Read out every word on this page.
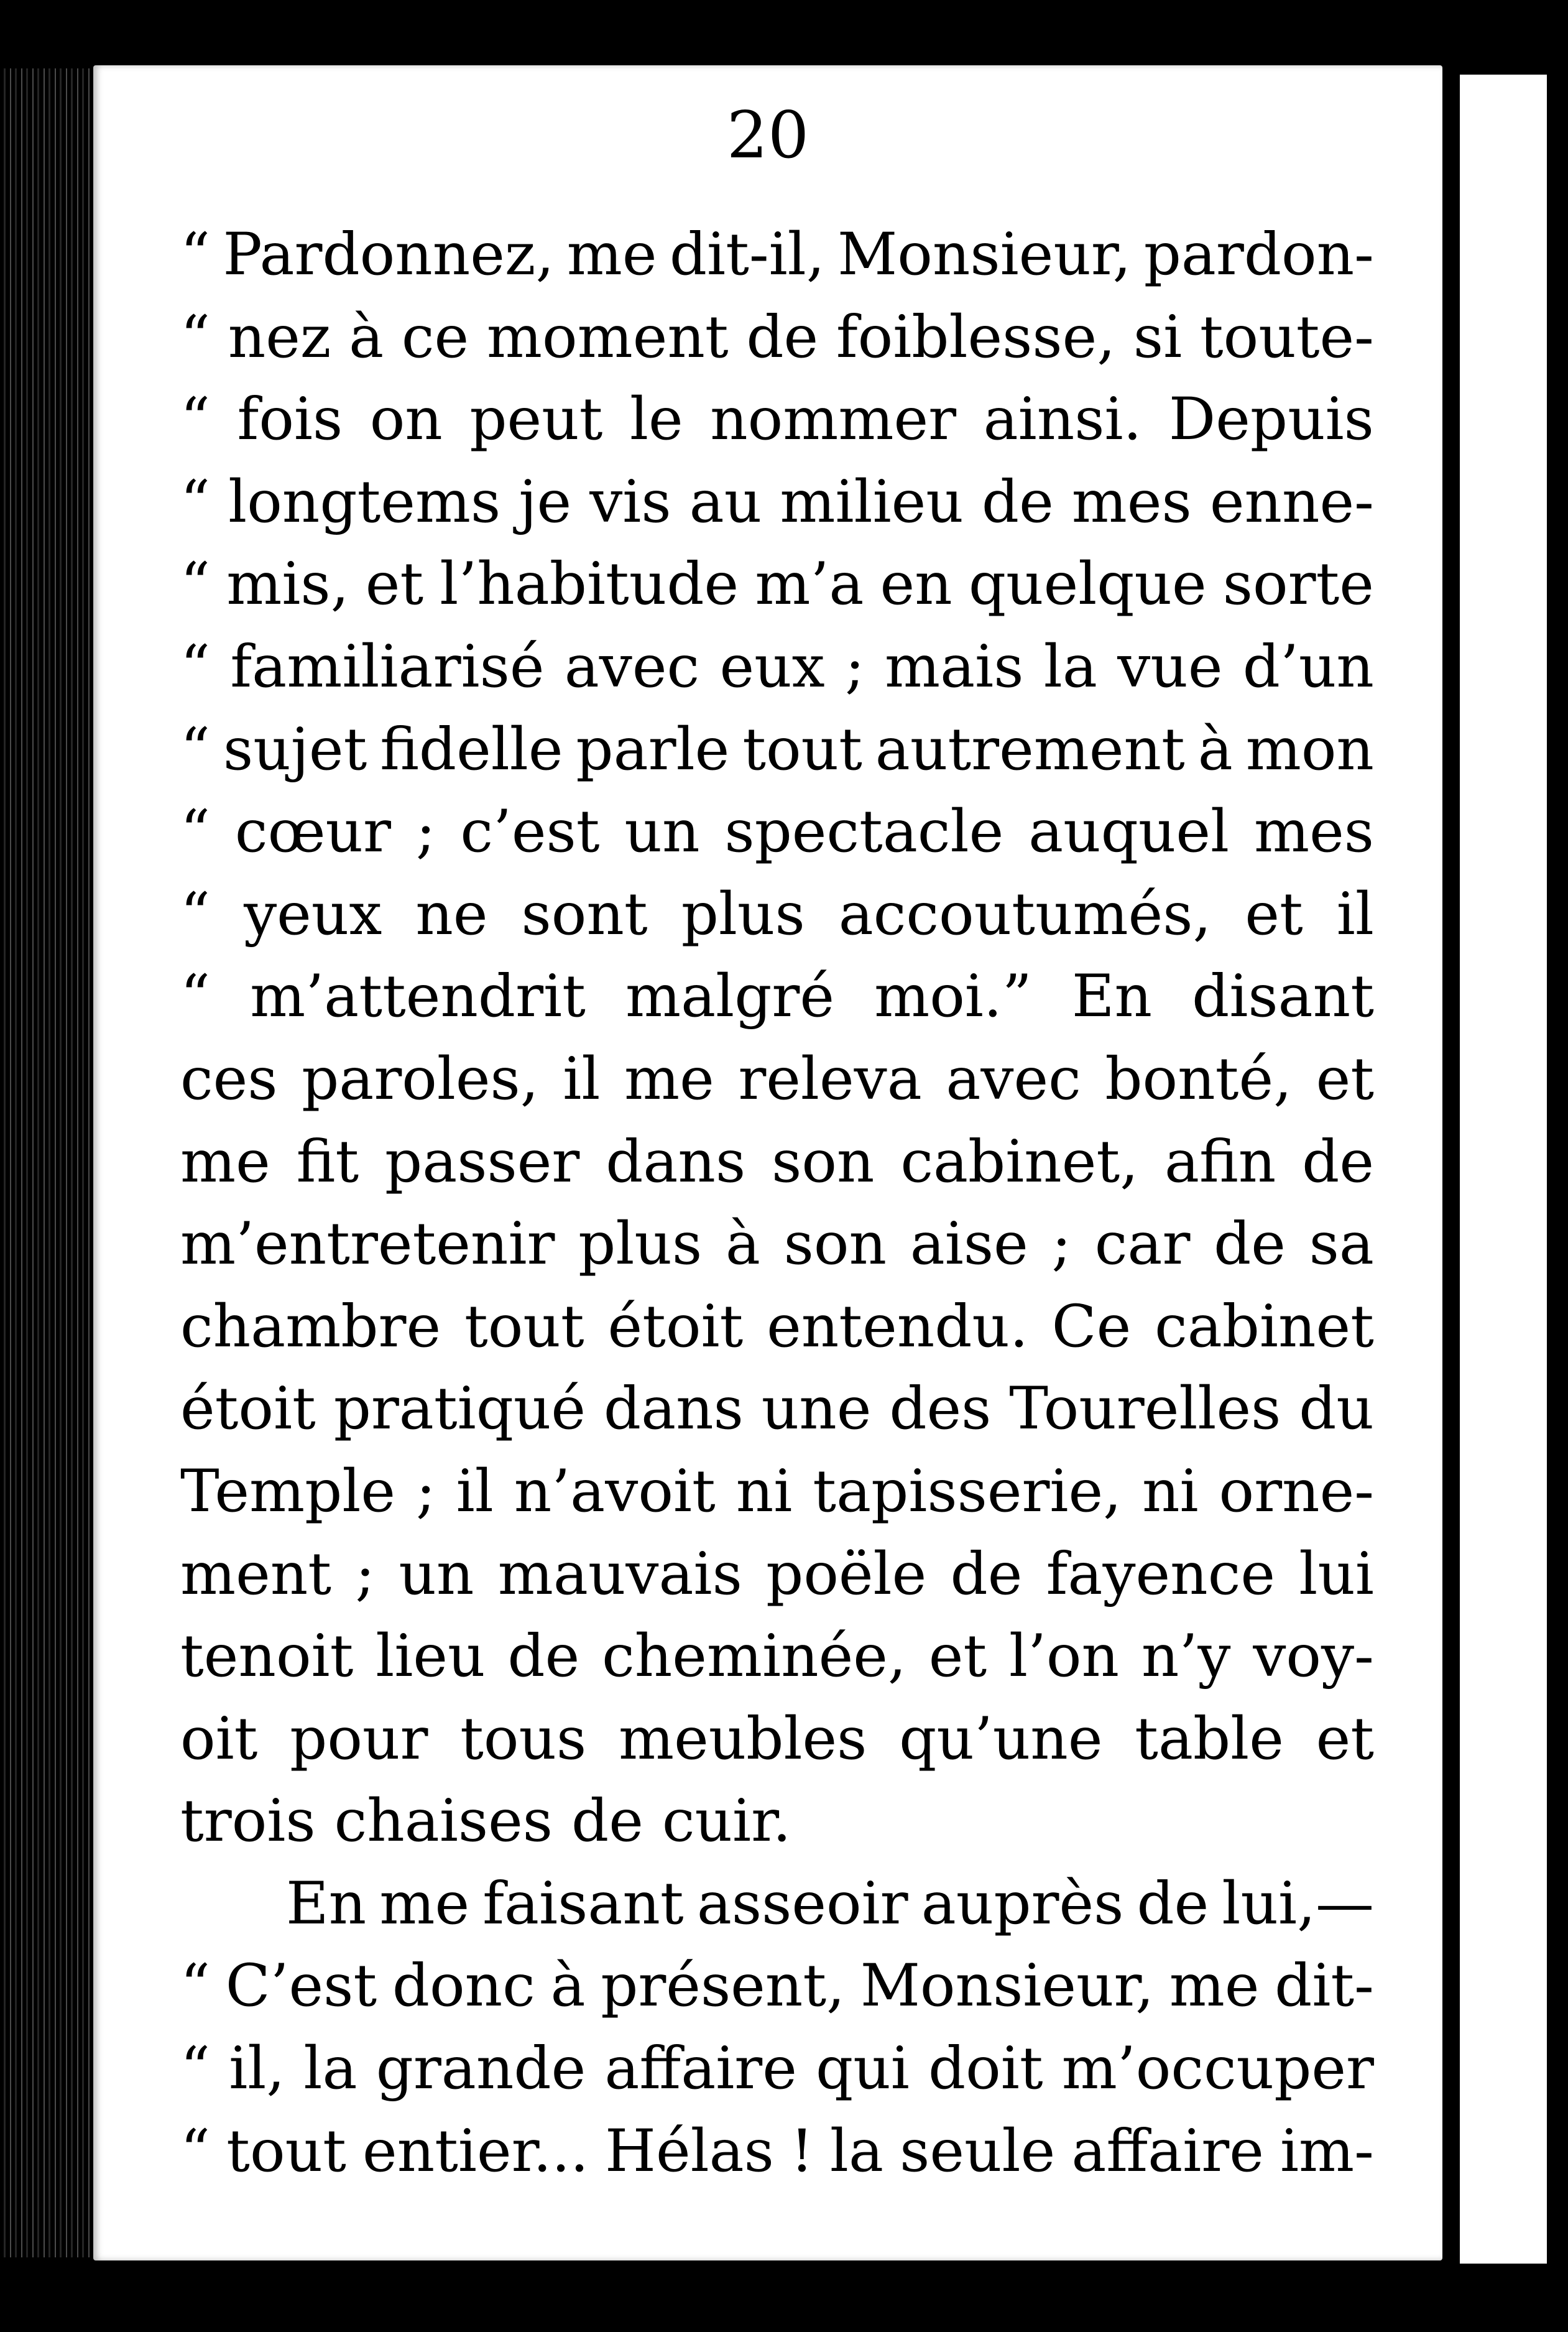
20
“ Pardonnez, me dit-il, Monsieur, pardon-
“ nez à ce moment de foiblesse, si toute-
“ fois on peut le nommer ainsi. Depuis
“ longtems je vis au milieu de mes enne-
“ mis, et l’habitude m’a en quelque sorte
“ familiarisé avec eux ; mais la vue d’un
“ sujet fidelle parle tout autrement à mon
“ cœur ; c’est un spectacle auquel mes
“ yeux ne sont plus accoutumés, et il
“ m’attendrit malgré moi.” En disant
ces paroles, il me releva avec bonté, et
me fit passer dans son cabinet, afin de
m’entretenir plus à son aise ; car de sa
chambre tout étoit entendu. Ce cabinet
étoit pratiqué dans une des Tourelles du
Temple ; il n’avoit ni tapisserie, ni orne-
ment ; un mauvais poële de fayence lui
tenoit lieu de cheminée, et l’on n’y voy-
oit pour tous meubles qu’une table et
trois chaises de cuir.
En me faisant asseoir auprès de lui,—
“ C’est donc à présent, Monsieur, me dit-
“ il, la grande affaire qui doit m’occuper
“ tout entier... Hélas ! la seule affaire im-
